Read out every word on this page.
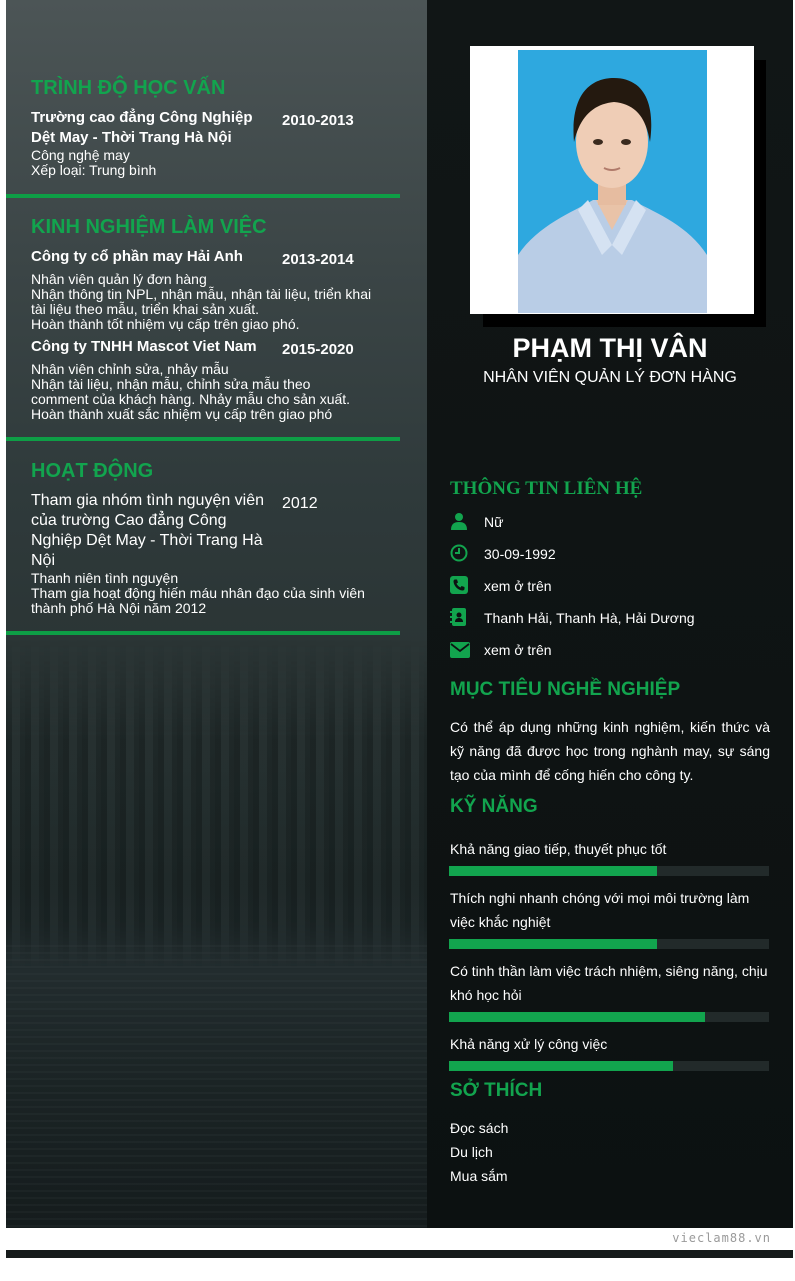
TRÌNH ĐỘ HỌC VẤN
Trường cao đẳng Công Nghiệp
Dệt May - Thời Trang Hà Nội
2010-2013
Công nghệ may
Xếp loại: Trung bình
KINH NGHIỆM LÀM VIỆC
Công ty cổ phần may Hải Anh	2013-2014
Nhân viên quản lý đơn hàng
Nhận thông tin NPL, nhận mẫu, nhận tài liệu, triển khai
tài liệu theo mẫu, triển khai sản xuất.
Hoàn thành tốt nhiệm vụ cấp trên giao phó.
Công ty TNHH Mascot Viet Nam 2015-2020
Nhân viên chỉnh sửa, nhảy mẫu
Nhận tài liệu, nhận mẫu, chỉnh sửa mẫu theo
comment của khách hàng. Nhảy mẫu cho sản xuất.
Hoàn thành xuất sắc nhiệm vụ cấp trên giao phó
HOẠT ĐỘNG
Tham gia nhóm tình nguyện viên của trường Cao đẳng Công Nghiệp Dệt May - Thời Trang Hà Nội
2012
Thanh niên tình nguyện
Tham gia hoạt động hiến máu nhân đạo của sinh viên
thành phố Hà Nội năm 2012
PHẠM THỊ VÂN
NHÂN VIÊN QUẢN LÝ ĐƠN HÀNG
THÔNG TIN LIÊN HỆ
Nữ
30-09-1992
xem ở trên
Thanh Hải, Thanh Hà, Hải Dương
xem ở trên
MỤC TIÊU NGHỀ NGHIỆP
Có thể áp dụng những kinh nghiệm, kiến thức và kỹ năng đã được học trong nghành may, sự sáng tạo của mình để cống hiến cho công ty.
KỸ NĂNG
Khả năng giao tiếp, thuyết phục tốt
Thích nghi nhanh chóng với mọi môi trường làm việc khắc nghiệt
Có tinh thần làm việc trách nhiệm, siêng năng, chịu khó học hỏi
Khả năng xử lý công việc
SỞ THÍCH
Đọc sách
Du lịch
Mua sắm
vieclam88.vn
